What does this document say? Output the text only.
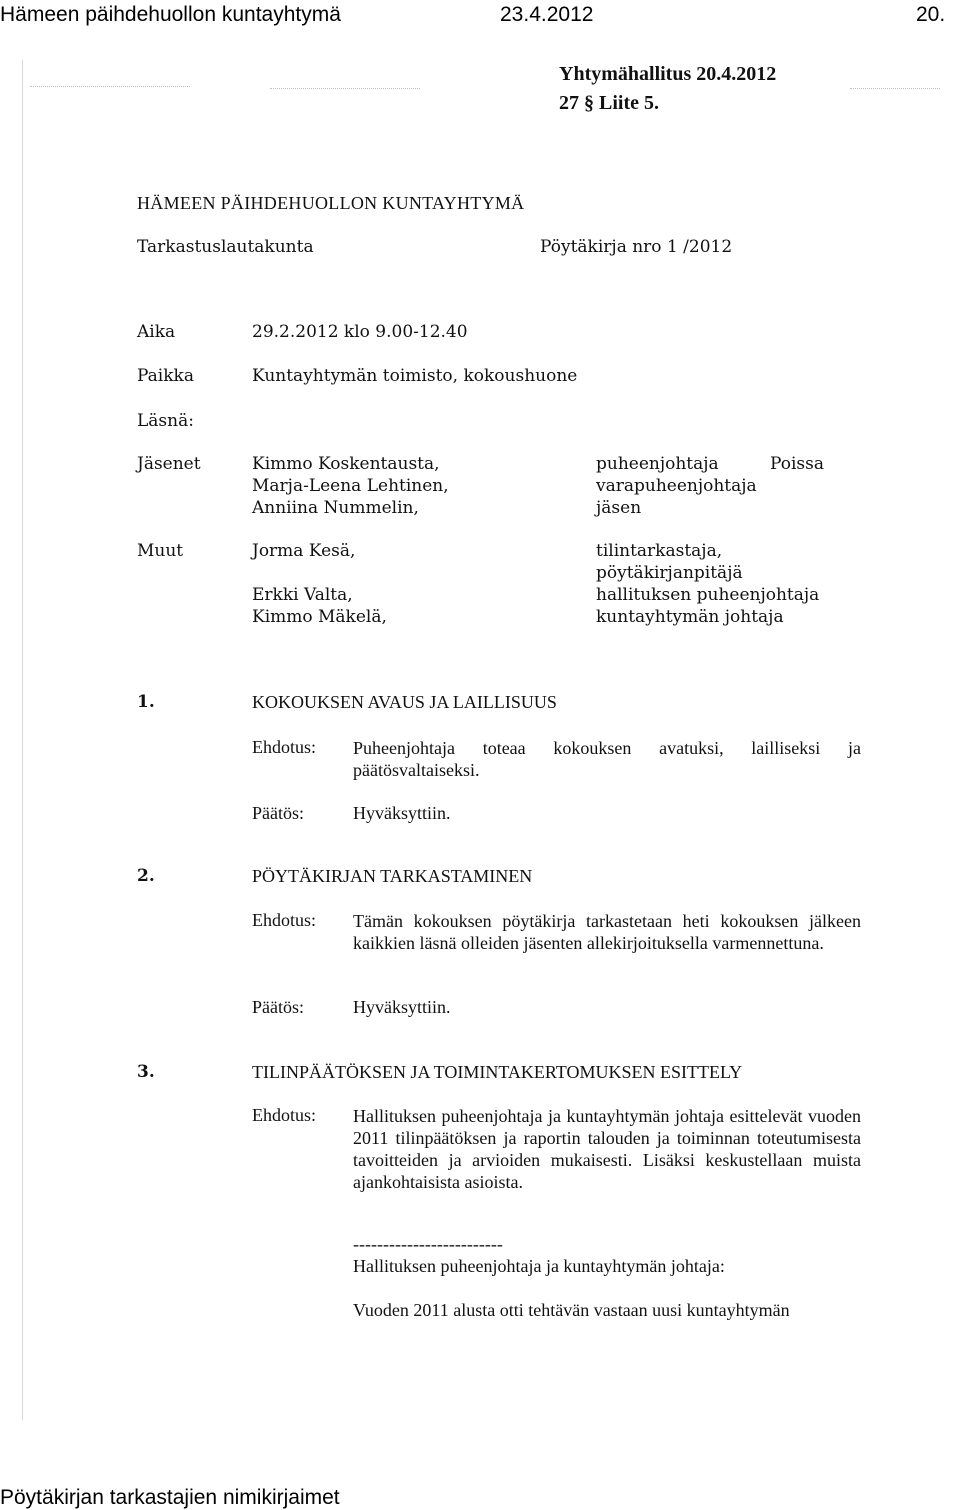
Hämeen päihdehuollon kuntayhtymä	23.4.2012	20.
Yhtymähallitus 20.4.2012
27 § Liite 5.
HÄMEEN PÄIHDEHUOLLON KUNTAYHTYMÄ
Tarkastuslautakunta	Pöytäkirja nro 1 /2012
Aika	29.2.2012 klo 9.00-12.40
Paikka	Kuntayhtymän toimisto, kokoushuone
Läsnä:
Jäsenet	Kimmo Koskentausta,	puheenjohtaja	Poissa
Marja-Leena Lehtinen,	varapuheenjohtaja
Anniina Nummelin,	jäsen
Muut	Jorma Kesä,	tilintarkastaja,
pöytäkirjanpitäjä
Erkki Valta,	hallituksen puheenjohtaja
Kimmo Mäkelä,	kuntayhtymän johtaja
1.	KOKOUKSEN AVAUS JA LAILLISUUS
Ehdotus: Puheenjohtaja toteaa kokouksen avatuksi, lailliseksi ja päätösvaltaiseksi.
Päätös:	Hyväksyttiin.
2.	PÖYTÄKIRJAN TARKASTAMINEN
Ehdotus: Tämän kokouksen pöytäkirja tarkastetaan heti kokouksen jälkeen kaikkien läsnä olleiden jäsenten allekirjoituksella varmennettuna.
Päätös:	Hyväksyttiin.
3.	TILINPÄÄTÖKSEN JA TOIMINTAKERTOMUKSEN ESITTELY
Ehdotus: Hallituksen puheenjohtaja ja kuntayhtymän johtaja esittelevät vuoden 2011 tilinpäätöksen ja raportin talouden ja toiminnan toteutumisesta tavoitteiden ja arvioiden mukaisesti. Lisäksi keskustellaan muista ajankohtaisista asioista.
-------------------------
Hallituksen puheenjohtaja ja kuntayhtymän johtaja:
Vuoden 2011 alusta otti tehtävän vastaan uusi kuntayhtymän
Pöytäkirjan tarkastajien nimikirjaimet
